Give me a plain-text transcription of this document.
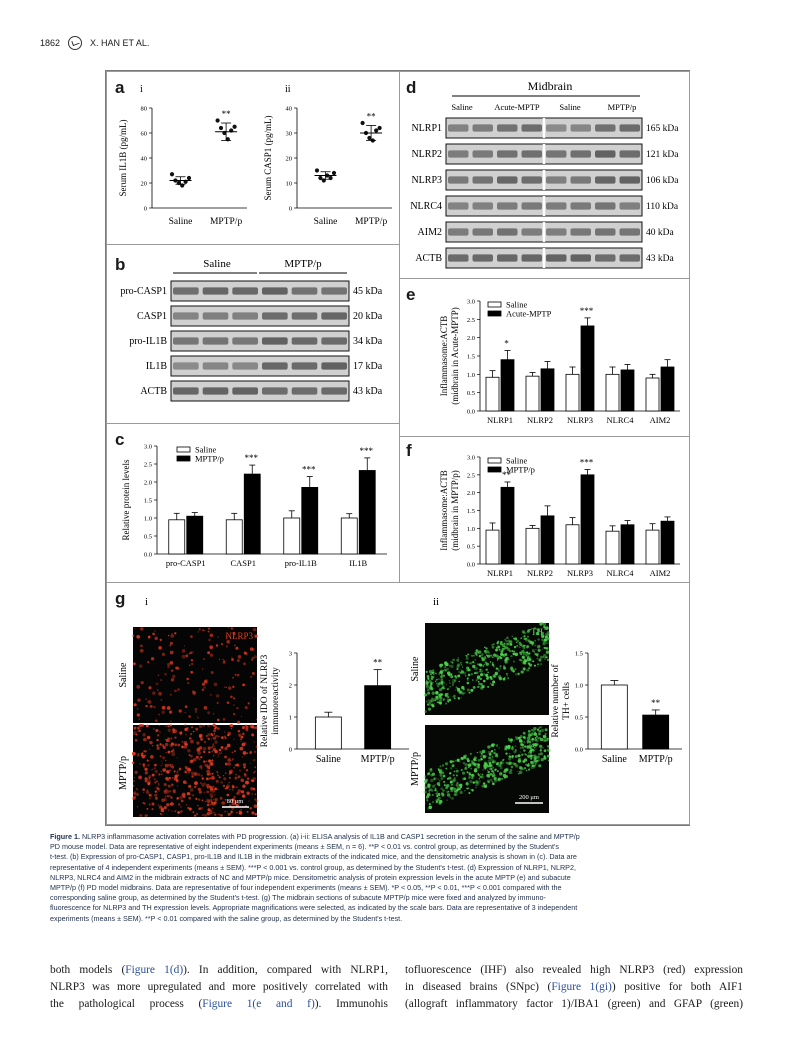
1862	X. HAN ET AL.
a i
0
20
40
60
80
Serum IL1B (pg/mL)
Saline MPTP/p
**
ii
0
10
20
30
40
Serum CASP1 (pg/mL)
Saline MPTP/p
**
b	Saline	MPTP/p
pro-CASP1	45 kDa
CASP1	20 kDa
pro-IL1B	34 kDa
IL1B	17 kDa
ACTB	43 kDa
c
0.0
0.5
1.0
1.5
2.0
2.5
3.0
Relative protein levels
pro-CASP1	CASP1
***
pro-IL1B
***
IL1B
***
Saline
MPTP/p
d	Midbrain
Saline	Acute-MPTP Saline	MPTP/p
NLRP1	165 kDa
NLRP2	121 kDa
NLRP3	106 kDa
NLRC4	110 kDa
AIM2	40 kDa
ACTB	43 kDa
e
0.0
0.5
1.0
1.5
2.0
2.5
3.0
Inflammasome:ACTB (midbrain in Acute-MPTP)
NLRP1
*
NLRP2 NLRP3
***
NLRC4 AIM2
Saline
Acute-MPTP
f
0.0
0.5
1.0
1.5
2.0
2.5
3.0
Inflammasome:ACTB (midbrain in MPTP/p)
NLRP1
**
NLRP2 NLRP3
***
NLRC4 AIM2
Saline
MPTP/p
g i
NLRP3
80 μm
Saline
MPTP/p
ii
TH
200 μm
Saline
MPTP/p
0
1
2
3
Relative IDO of NLRP3 immunoreactivity
Saline MPTP/p
**
0.0
0.5
1.0
1.5
Relative number of TH+ cells
Saline MPTP/p
**
Figure 1. NLRP3 inflammasome activation correlates with PD progression. (a) i-ii: ELISA analysis of IL1B and CASP1 secretion in the serum of the saline and MPTP/p
PD mouse model. Data are representative of eight independent experiments (means ± SEM, n = 6). **P < 0.01 vs. control group, as determined by the Student's
t-test. (b) Expression of pro-CASP1, CASP1, pro-IL1B and IL1B in the midbrain extracts of the indicated mice, and the densitometric analysis is shown in (c). Data are
representative of 4 independent experiments (means ± SEM). ***P < 0.001 vs. control group, as determined by the Student's t-test. (d) Expression of NLRP1, NLRP2,
NLRP3, NLRC4 and AIM2 in the midbrain extracts of NC and MPTP/p mice. Densitometric analysis of protein expression levels in the acute MPTP (e) and subacute
MPTP/p (f) PD model midbrains. Data are representative of four independent experiments (means ± SEM). *P < 0.05, **P < 0.01, ***P < 0.001 compared with the
corresponding saline group, as determined by the Student's t-test. (g) The midbrain sections of subacute MPTP/p mice were fixed and analyzed by immuno-
fluorescence for NLRP3 and TH expression levels. Appropriate magnifications were selected, as indicated by the scale bars. Data are representative of 3 independent
experiments (means ± SEM). **P < 0.01 compared with the saline group, as determined by the Student's t-test.
both models (Figure 1(d)). In addition, compared with NLRP1,
NLRP3 was more upregulated and more positively correlated with
the pathological process (Figure 1(e and f)). Immunohis
tofluorescence (IHF) also revealed high NLRP3 (red) expression
in diseased brains (SNpc) (Figure 1(gi)) positive for both AIF1
(allograft inflammatory factor 1)/IBA1 (green) and GFAP (green)
